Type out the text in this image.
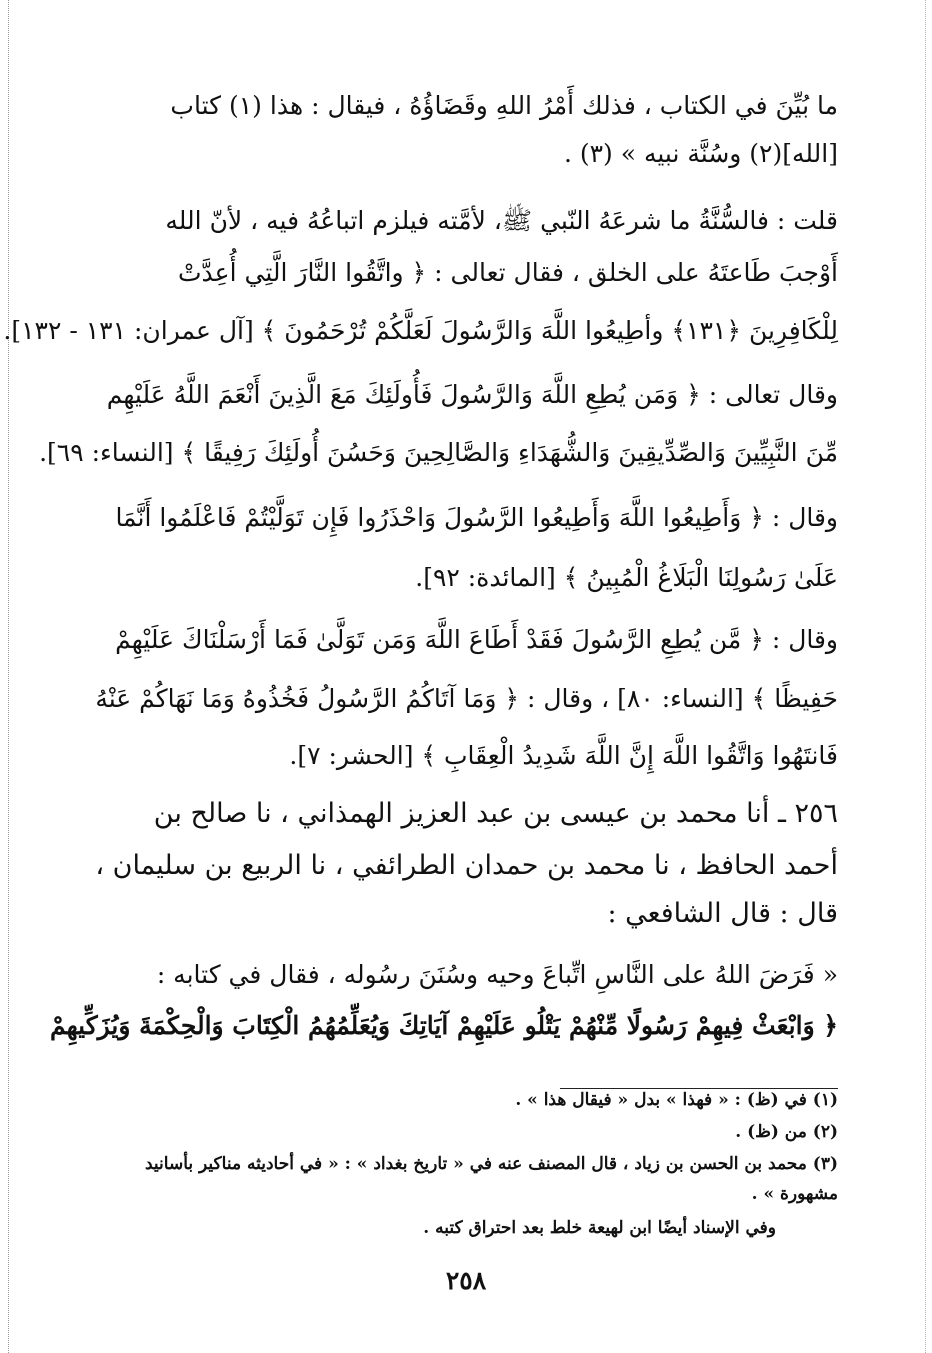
ما بُيِّنَ في الكتاب ، فذلك أَمْرُ اللهِ وقَضَاؤُهُ ، فيقال : هذا (١) كتاب
[الله](٢) وسُنَّة نبيه » (٣) .
قلت : فالسُّنَّةُ ما شرعَهُ النّبي ﷺ، لأمَّته فيلزم اتباعُهُ فيه ، لأنّ الله
أَوْجبَ طَاعتَهُ على الخلق ، فقال تعالى : ﴿ واتَّقُوا النَّارَ الَّتِي أُعِدَّتْ
لِلْكَافِرِينَ ﴿١٣١﴾ وأطِيعُوا اللَّهَ وَالرَّسُولَ لَعَلَّكُمْ تُرْحَمُونَ ﴾ [آل عمران: ١٣١ - ١٣٢].
وقال تعالى : ﴿ وَمَن يُطِعِ اللَّهَ وَالرَّسُولَ فَأُولَئِكَ مَعَ الَّذِينَ أَنْعَمَ اللَّهُ عَلَيْهِم
مِّنَ النَّبِيِّينَ وَالصِّدِّيقِينَ وَالشُّهَدَاءِ وَالصَّالِحِينَ وَحَسُنَ أُولَئِكَ رَفِيقًا ﴾ [النساء: ٦٩].
وقال : ﴿ وَأَطِيعُوا اللَّهَ وَأَطِيعُوا الرَّسُولَ وَاحْذَرُوا فَإِن تَوَلَّيْتُمْ فَاعْلَمُوا أَنَّمَا
عَلَىٰ رَسُولِنَا الْبَلَاغُ الْمُبِينُ ﴾ [المائدة: ٩٢].
وقال : ﴿ مَّن يُطِعِ الرَّسُولَ فَقَدْ أَطَاعَ اللَّهَ وَمَن تَوَلَّىٰ فَمَا أَرْسَلْنَاكَ عَلَيْهِمْ
حَفِيظًا ﴾ [النساء: ٨٠] ، وقال : ﴿ وَمَا آتَاكُمُ الرَّسُولُ فَخُذُوهُ وَمَا نَهَاكُمْ عَنْهُ
فَانتَهُوا وَاتَّقُوا اللَّهَ إِنَّ اللَّهَ شَدِيدُ الْعِقَابِ ﴾ [الحشر: ٧].
٢٥٦ ـ أنا محمد بن عيسى بن عبد العزيز الهمذاني ، نا صالح بن
أحمد الحافظ ، نا محمد بن حمدان الطرائفي ، نا الربيع بن سليمان ،
قال : قال الشافعي :
« فَرَضَ اللهُ على النَّاسِ اتِّباعَ وحيه وسُنَنَ رسُوله ، فقال في كتابه :
﴿ وَابْعَثْ فِيهِمْ رَسُولًا مِّنْهُمْ يَتْلُو عَلَيْهِمْ آيَاتِكَ وَيُعَلِّمُهُمُ الْكِتَابَ وَالْحِكْمَةَ وَيُزَكِّيهِمْ
(١) في (ظ) : « فهذا » بدل « فيقال هذا » .
(٢) من (ظ) .
(٣) محمد بن الحسن بن زياد ، قال المصنف عنه في « تاريخ بغداد » : « في أحاديثه مناكير بأسانيد
مشهورة » .
وفي الإسناد أيضًا ابن لهيعة خلط بعد احتراق كتبه .
٢٥٨
